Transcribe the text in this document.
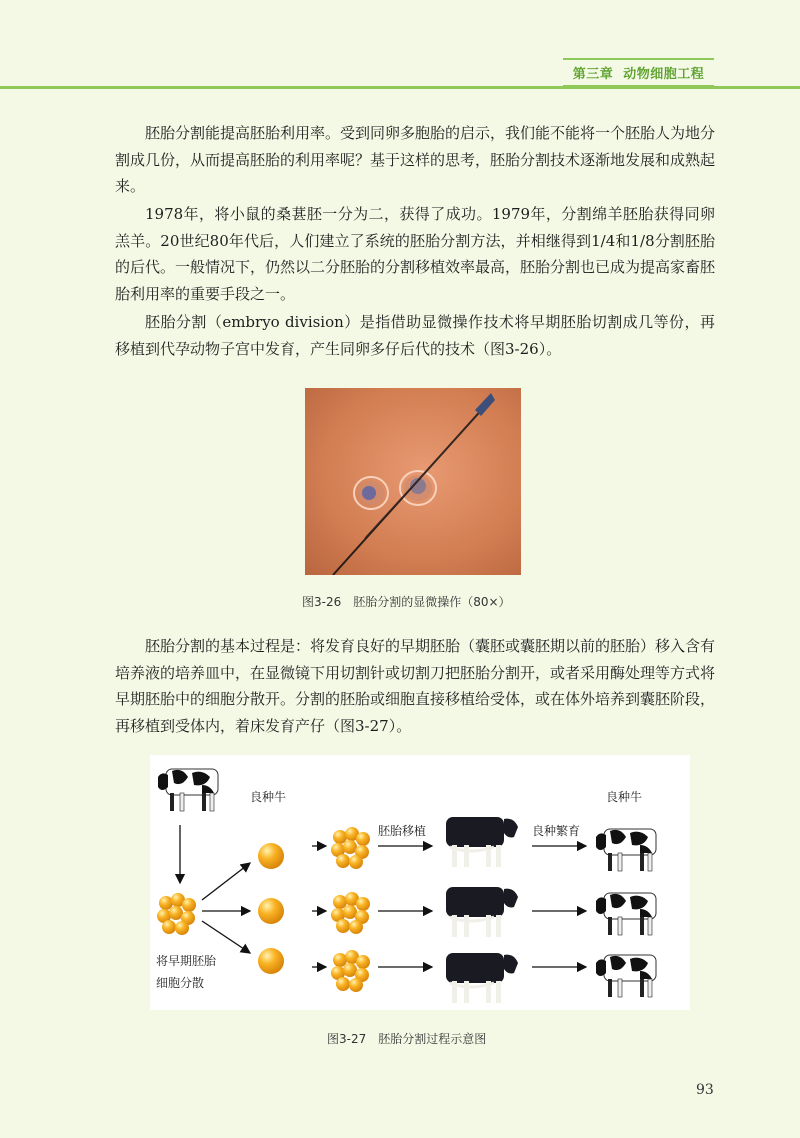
第三章 动物细胞工程

胚胎分割能提高胚胎利用率。受到同卵多胞胎的启示，我们能不能将一个胚胎人为地分割成几份，从而提高胚胎的利用率呢？基于这样的思考，胚胎分割技术逐渐地发展和成熟起来。

1978年，将小鼠的桑葚胚一分为二，获得了成功。1979年，分割绵羊胚胎获得同卵羔羊。20世纪80年代后，人们建立了系统的胚胎分割方法，并相继得到1/4和1/8分割胚胎的后代。一般情况下，仍然以二分胚胎的分割移植效率最高，胚胎分割也已成为提高家畜胚胎利用率的重要手段之一。

胚胎分割（embryo division）是指借助显微操作技术将早期胚胎切割成几等份，再移植到代孕动物子宫中发育，产生同卵多仔后代的技术（图3-26）。

图3-26　胚胎分割的显微操作（80×）

胚胎分割的基本过程是：将发育良好的早期胚胎（囊胚或囊胚期以前的胚胎）移入含有培养液的培养皿中，在显微镜下用切割针或切割刀把胚胎分割开，或者采用酶处理等方式将早期胚胎中的细胞分散开。分割的胚胎或细胞直接移植给受体，或在体外培养到囊胚阶段，再移植到受体内，着床发育产仔（图3-27）。

良种牛
胚胎移植	良种繁育
良种牛
将早期胚胎
细胞分散
图3-27　胚胎分割过程示意图
93
